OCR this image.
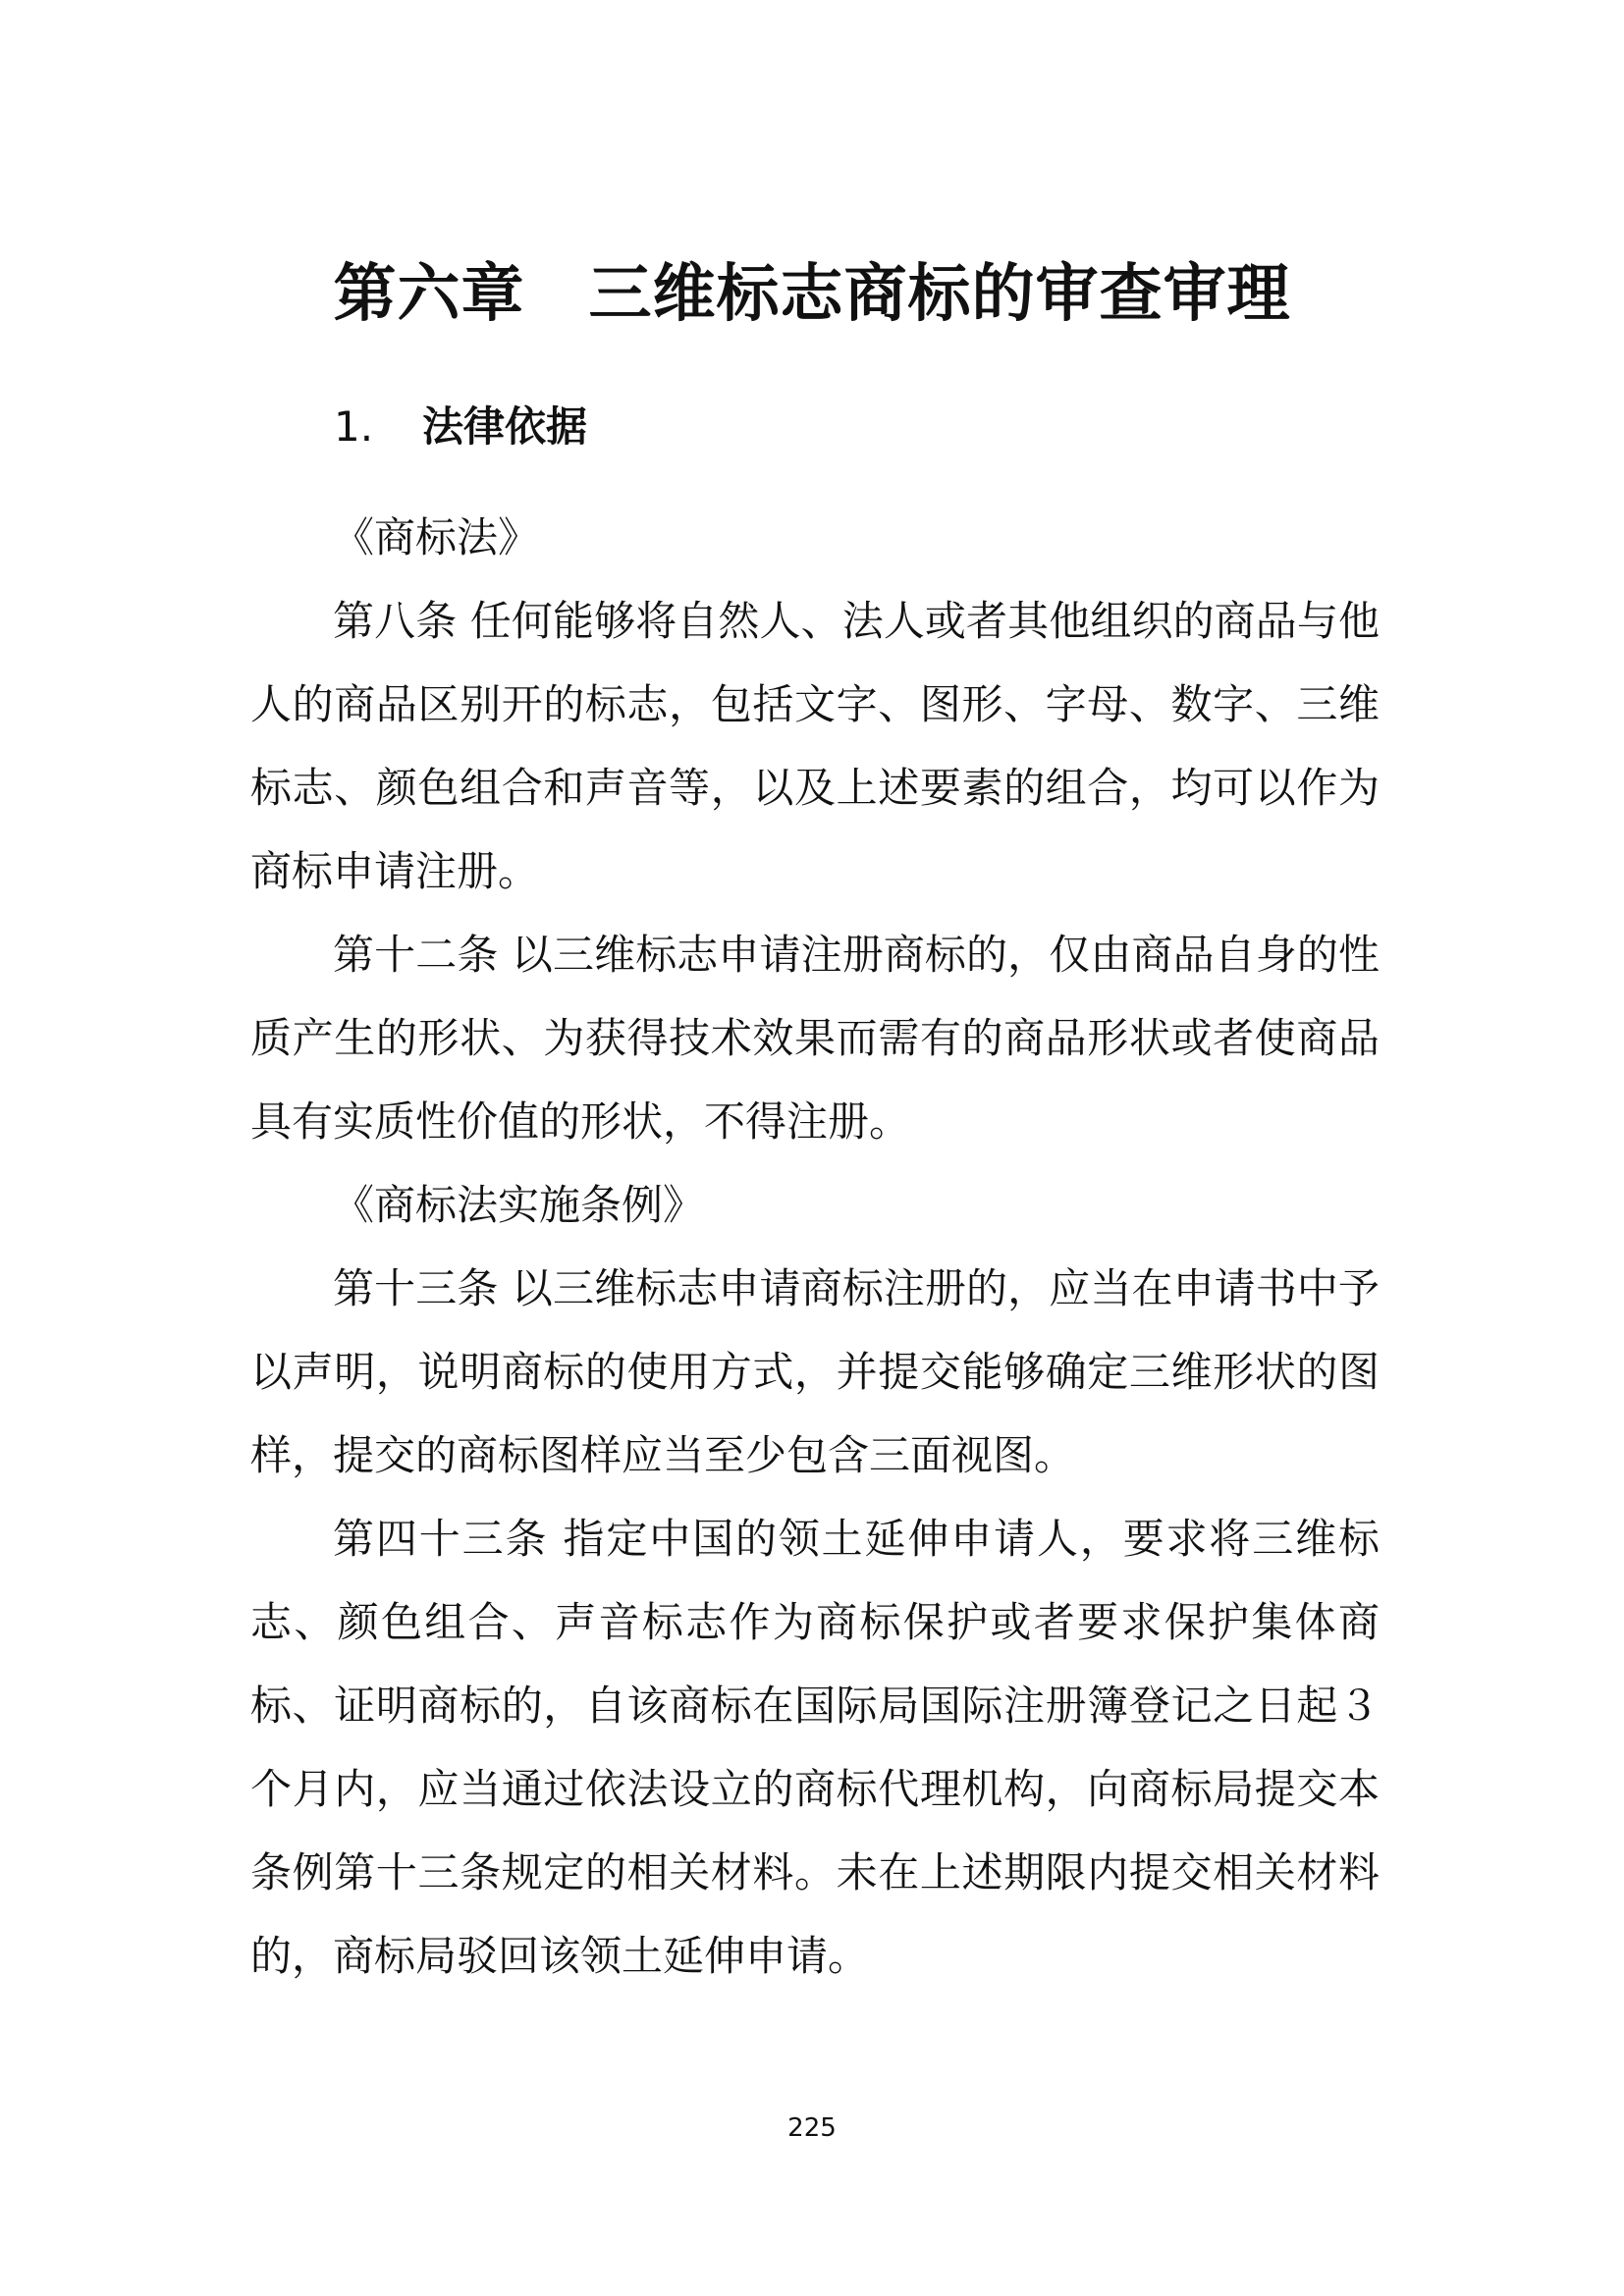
第六章　三维标志商标的审查审理
1. 法律依据

《商标法》

第八条 任何能够将自然人、法人或者其他组织的商品与他人的商品区别开的标志，包括文字、图形、字母、数字、三维标志、颜色组合和声音等，以及上述要素的组合，均可以作为商标申请注册。

第十二条 以三维标志申请注册商标的，仅由商品自身的性质产生的形状、为获得技术效果而需有的商品形状或者使商品具有实质性价值的形状，不得注册。

《商标法实施条例》

第十三条 以三维标志申请商标注册的，应当在申请书中予以声明，说明商标的使用方式，并提交能够确定三维形状的图样，提交的商标图样应当至少包含三面视图。

第四十三条 指定中国的领土延伸申请人，要求将三维标志、颜色组合、声音标志作为商标保护或者要求保护集体商标、证明商标的，自该商标在国际局国际注册簿登记之日起３个月内，应当通过依法设立的商标代理机构，向商标局提交本条例第十三条规定的相关材料。未在上述期限内提交相关材料的，商标局驳回该领土延伸申请。

225
